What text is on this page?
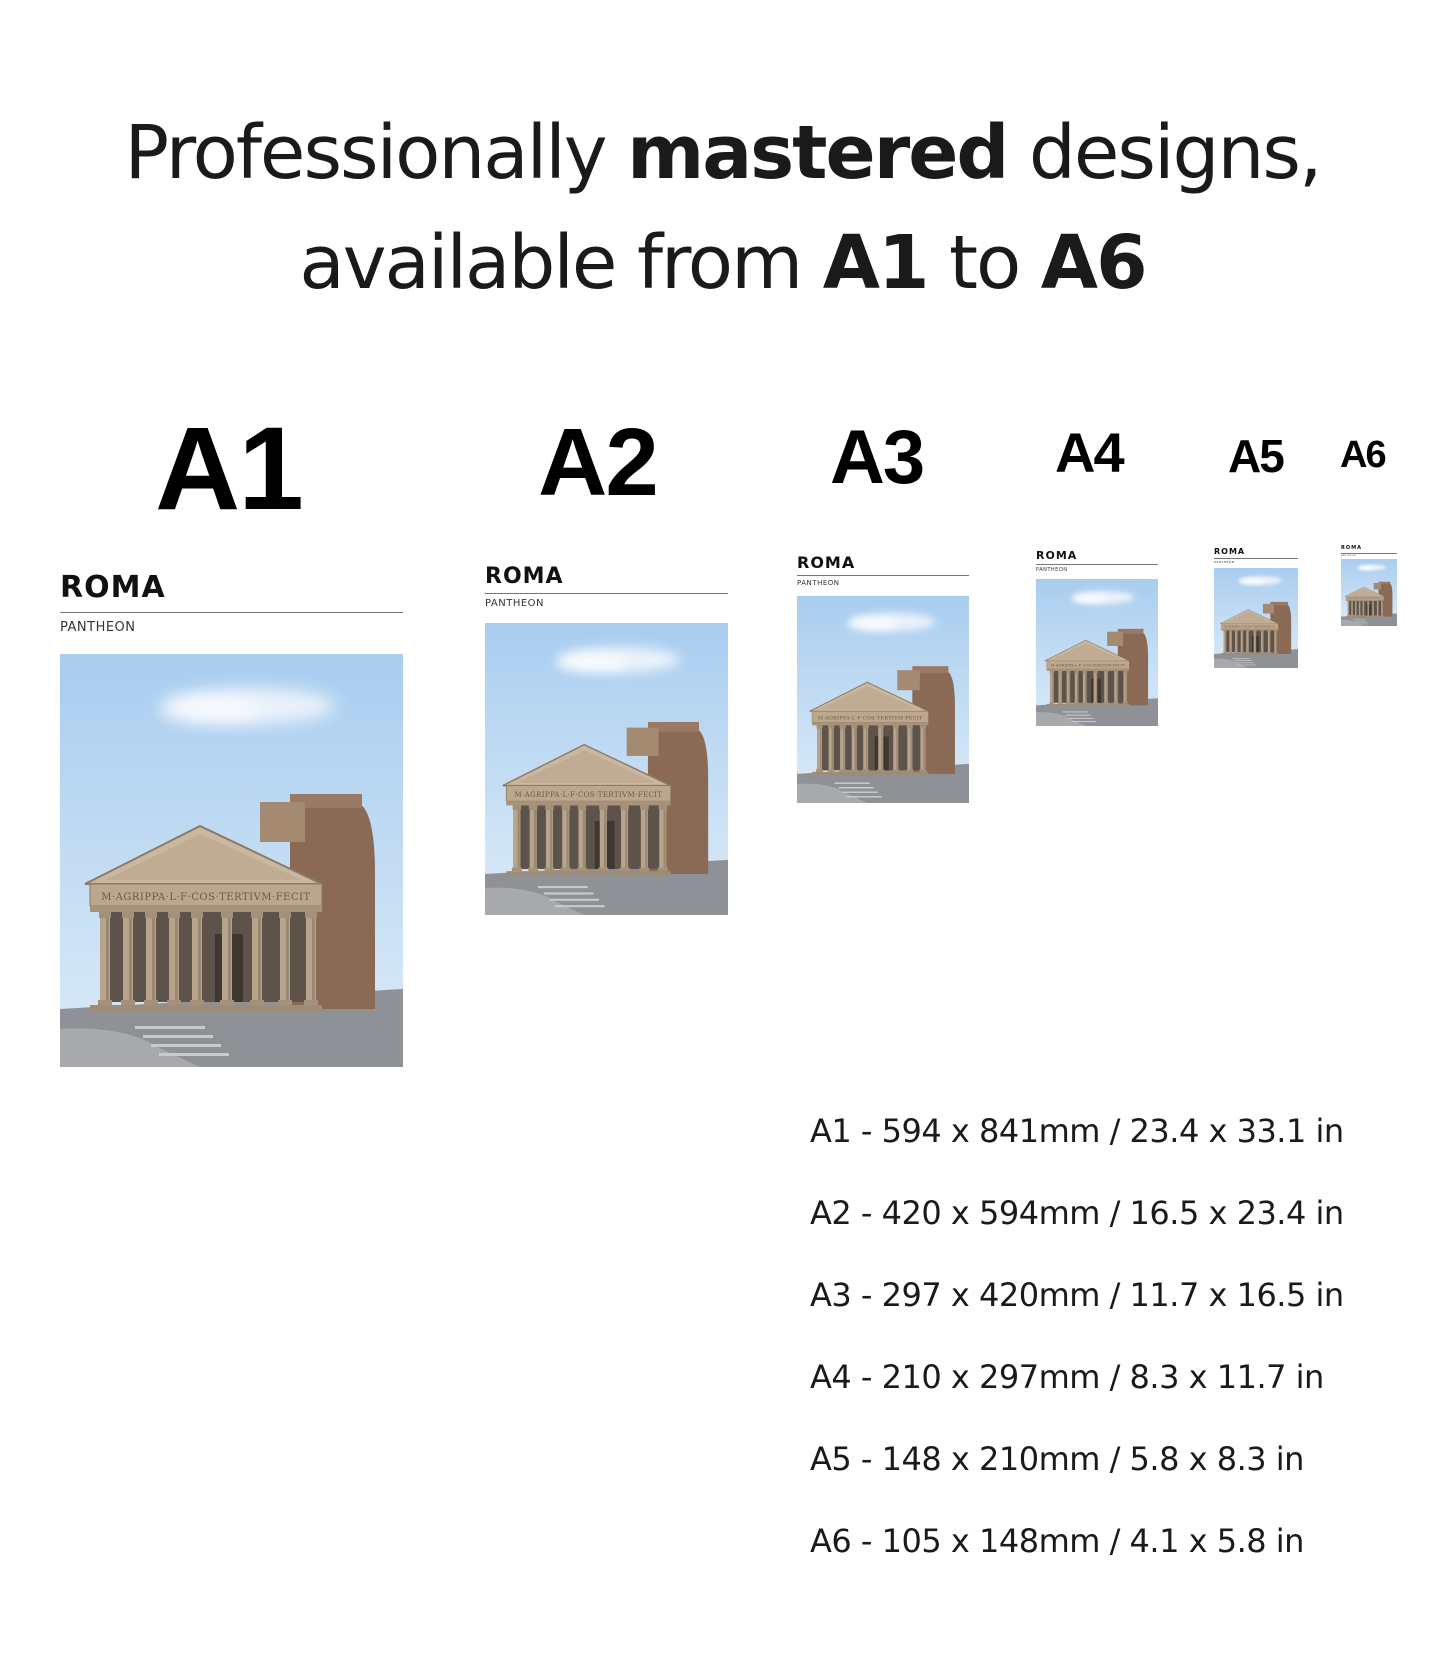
Professionally mastered designs,
available from A1 to A6
A1 A2 A3 A4 A5 A6
ROMA
PANTHEON
M·AGRIPPA·L·F·COS·TERTIVM·FECIT
ROMA
PANTHEON
M·AGRIPPA·L·F·COS·TERTIVM·FECIT
ROMA
PANTHEON
M·AGRIPPA·L·F·COS·TERTIVM·FECIT
ROMA
PANTHEON
M·AGRIPPA·L·F·COS·TERTIVM·FECIT
ROMA
PANTHEON
M·AGRIPPA·L·F·COS·TERTIVM·FECIT
ROMA
PANTHEON
M·AGRIPPA·L·F·COS·TERTIVM·FECIT
A1 - 594 x 841mm / 23.4 x 33.1 in
A2 - 420 x 594mm / 16.5 x 23.4 in
A3 - 297 x 420mm / 11.7 x 16.5 in
A4 - 210 x 297mm / 8.3 x 11.7 in
A5 - 148 x 210mm / 5.8 x 8.3 in
A6 - 105 x 148mm / 4.1 x 5.8 in
